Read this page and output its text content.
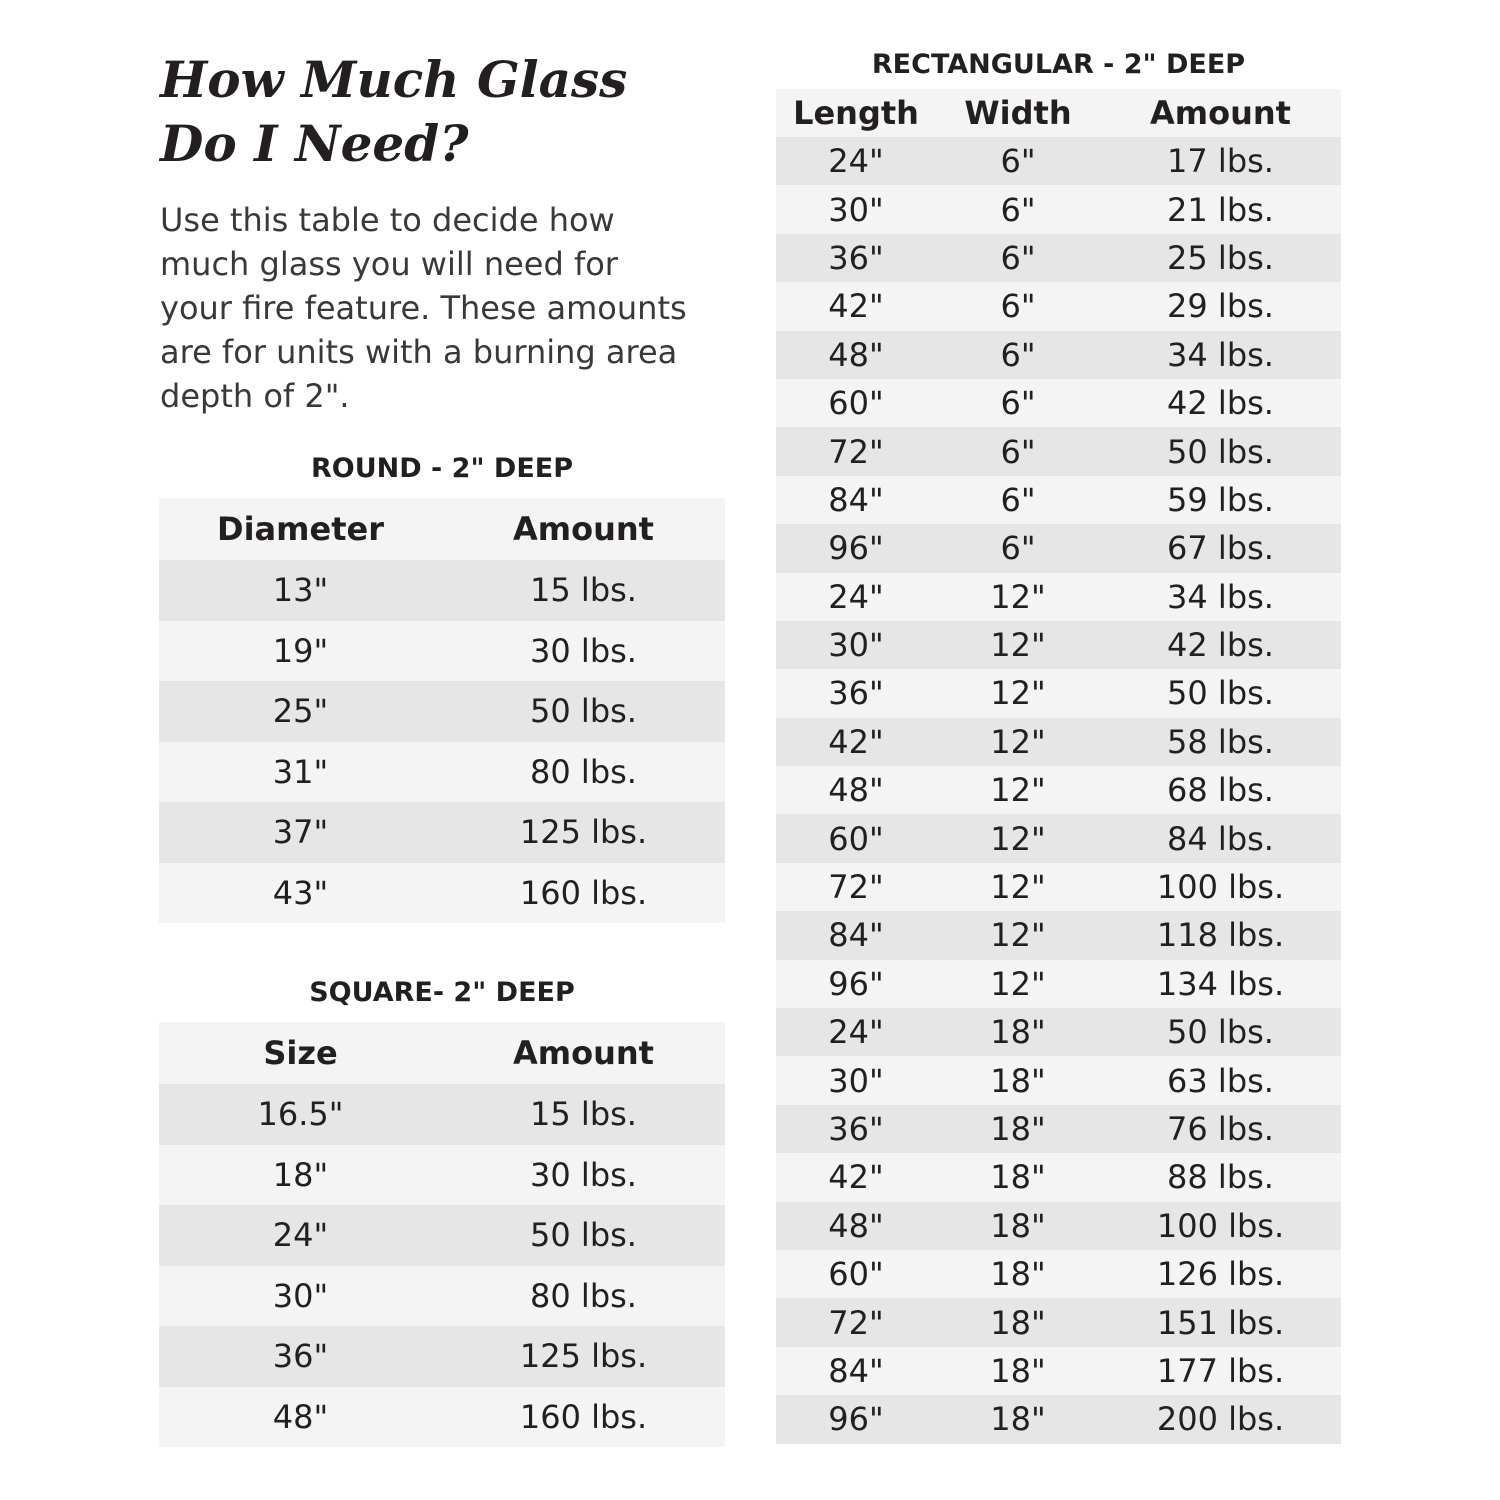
How Much Glass
Do I Need?

Use this table to decide how
much glass you will need for
your fire feature. These amounts
are for units with a burning area
depth of 2".

ROUND - 2" DEEP
Diameter	Amount
13"	15 lbs.
19"	30 lbs.
25"	50 lbs.
31"	80 lbs.
37"	125 lbs.
43"	160 lbs.
SQUARE- 2" DEEP
Size	Amount
16.5"	15 lbs.
18"	30 lbs.
24"	50 lbs.
30"	80 lbs.
36"	125 lbs.
48"	160 lbs.
RECTANGULAR - 2" DEEP
Length	Width	Amount
24"	6"	17 lbs.
30"	6"	21 lbs.
36"	6"	25 lbs.
42"	6"	29 lbs.
48"	6"	34 lbs.
60"	6"	42 lbs.
72"	6"	50 lbs.
84"	6"	59 lbs.
96"	6"	67 lbs.
24"	12"	34 lbs.
30"	12"	42 lbs.
36"	12"	50 lbs.
42"	12"	58 lbs.
48"	12"	68 lbs.
60"	12"	84 lbs.
72"	12"	100 lbs.
84"	12"	118 lbs.
96"	12"	134 lbs.
24"	18"	50 lbs.
30"	18"	63 lbs.
36"	18"	76 lbs.
42"	18"	88 lbs.
48"	18"	100 lbs.
60"	18"	126 lbs.
72"	18"	151 lbs.
84"	18"	177 lbs.
96"	18"	200 lbs.
